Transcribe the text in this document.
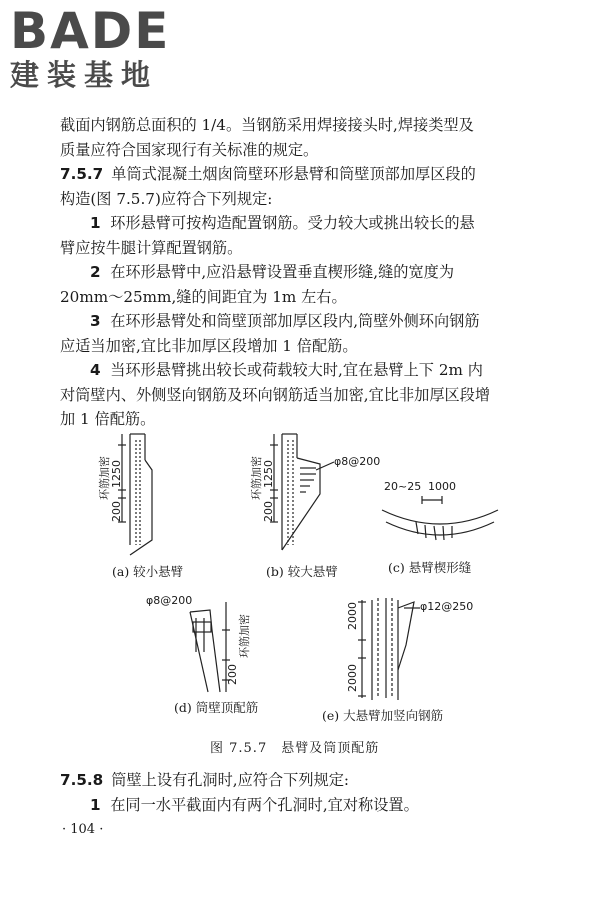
BADE
建装基地

截面内钢筋总面积的 1/4。当钢筋采用焊接接头时,焊接类型及

质量应符合国家现行有关标准的规定。

7.5.7 单筒式混凝土烟囱筒壁环形悬臂和筒壁顶部加厚区段的

构造(图 7.5.7)应符合下列规定:

1 环形悬臂可按构造配置钢筋。受力较大或挑出较长的悬

臂应按牛腿计算配置钢筋。

2 在环形悬臂中,应沿悬臂设置垂直楔形缝,缝的宽度为

20mm～25mm,缝的间距宜为 1m 左右。

3 在环形悬臂处和筒壁顶部加厚区段内,筒壁外侧环向钢筋

应适当加密,宜比非加厚区段增加 1 倍配筋。

4 当环形悬臂挑出较长或荷载较大时,宜在悬臂上下 2m 内

对筒壁内、外侧竖向钢筋及环向钢筋适当加密,宜比非加厚区段增

加 1 倍配筋。

环筋加密 1250
200
(a) 较小悬臂
环筋加密 1250
200
φ8@200
(b) 较大悬臂
20~25 1000
(c) 悬臂楔形缝
φ8@200
200
环筋加密
(d) 筒壁顶配筋
2000
2000
φ12@250
(e) 大悬臂加竖向钢筋
图 7.5.7　悬臂及筒顶配筋

7.5.8 筒壁上设有孔洞时,应符合下列规定:

1 在同一水平截面内有两个孔洞时,宜对称设置。

· 104 ·
